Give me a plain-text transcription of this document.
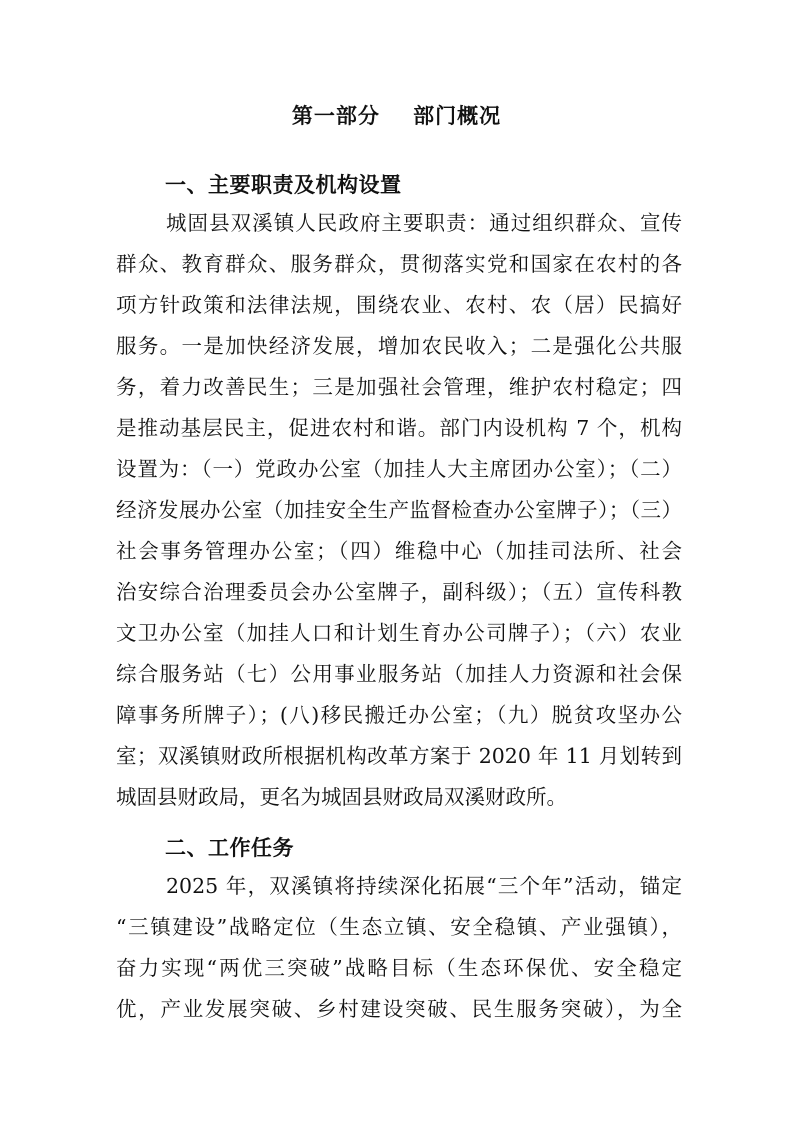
第一部分    部门概况
一、主要职责及机构设置

城固县双溪镇人民政府主要职责：通过组织群众、宣传

群众、教育群众、服务群众，贯彻落实党和国家在农村的各

项方针政策和法律法规，围绕农业、农村、农（居）民搞好

服务。一是加快经济发展，增加农民收入；二是强化公共服

务，着力改善民生；三是加强社会管理，维护农村稳定；四

是推动基层民主，促进农村和谐。部门内设机构 7 个，机构

设置为：（一）党政办公室（加挂人大主席团办公室）；（二）

经济发展办公室（加挂安全生产监督检查办公室牌子）；（三）

社会事务管理办公室；（四）维稳中心（加挂司法所、社会

治安综合治理委员会办公室牌子，副科级）；（五）宣传科教

文卫办公室（加挂人口和计划生育办公司牌子）；（六）农业

综合服务站（七）公用事业服务站（加挂人力资源和社会保

障事务所牌子）；(八)移民搬迁办公室；（九）脱贫攻坚办公

室；双溪镇财政所根据机构改革方案于 2020 年 11 月划转到

城固县财政局，更名为城固县财政局双溪财政所。

二、工作任务

2025 年，双溪镇将持续深化拓展“三个年”活动，锚定

“三镇建设”战略定位（生态立镇、安全稳镇、产业强镇），

奋力实现“两优三突破”战略目标（生态环保优、安全稳定

优，产业发展突破、乡村建设突破、民生服务突破），为全
